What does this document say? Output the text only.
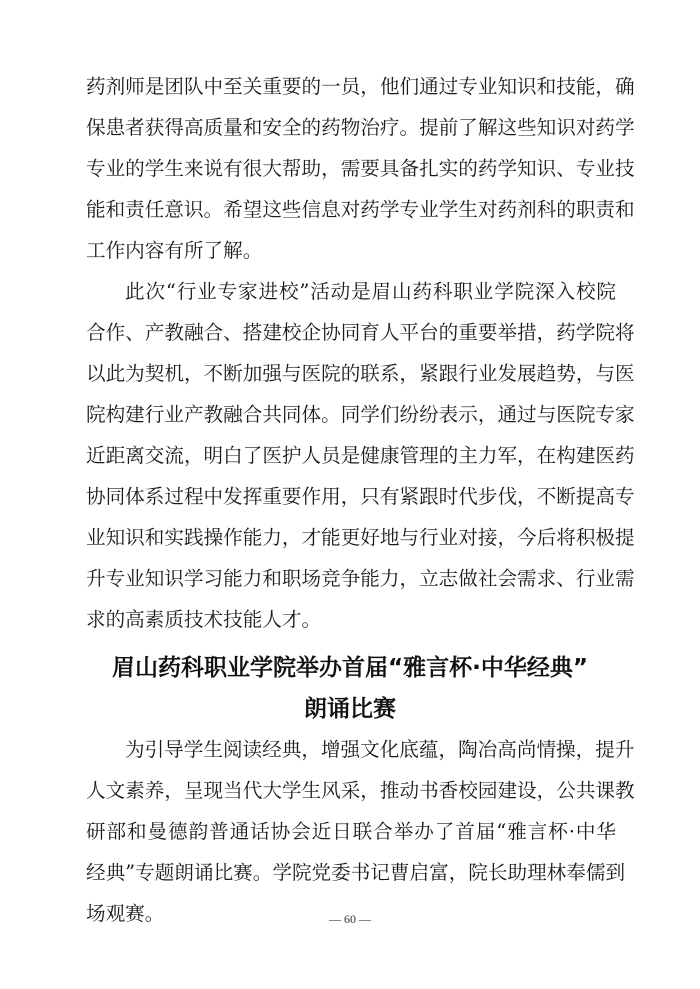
药剂师是团队中至关重要的一员，他们通过专业知识和技能，确
保患者获得高质量和安全的药物治疗。提前了解这些知识对药学
专业的学生来说有很大帮助，需要具备扎实的药学知识、专业技
能和责任意识。希望这些信息对药学专业学生对药剂科的职责和
工作内容有所了解。

此次“行业专家进校”活动是眉山药科职业学院深入校院
合作、产教融合、搭建校企协同育人平台的重要举措，药学院将
以此为契机，不断加强与医院的联系，紧跟行业发展趋势，与医
院构建行业产教融合共同体。同学们纷纷表示，通过与医院专家
近距离交流，明白了医护人员是健康管理的主力军，在构建医药
协同体系过程中发挥重要作用，只有紧跟时代步伐，不断提高专
业知识和实践操作能力，才能更好地与行业对接，今后将积极提
升专业知识学习能力和职场竞争能力，立志做社会需求、行业需
求的高素质技术技能人才。

眉山药科职业学院举办首届“雅言杯·中华经典”
朗诵比赛

为引导学生阅读经典，增强文化底蕴，陶冶高尚情操，提升
人文素养，呈现当代大学生风采，推动书香校园建设，公共课教
研部和曼德韵普通话协会近日联合举办了首届“雅言杯·中华
经典”专题朗诵比赛。学院党委书记曹启富，院长助理林奉儒到
场观赛。	— 60 —
